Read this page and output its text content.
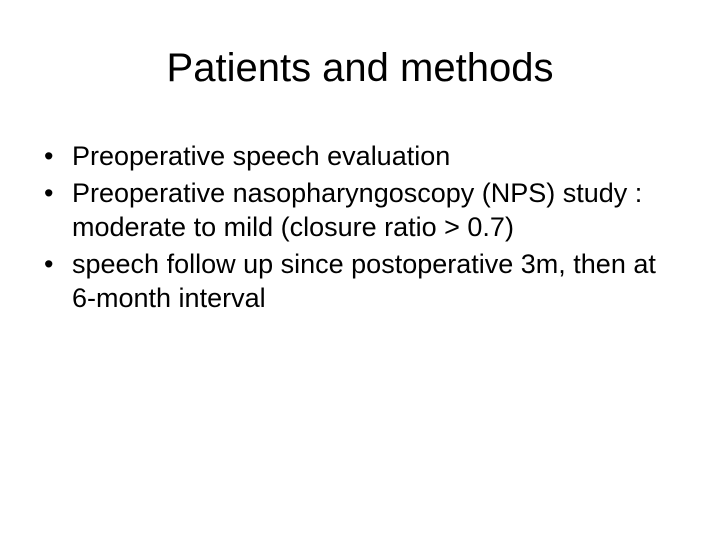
Patients and methods
• Preoperative speech evaluation
• Preoperative nasopharyngoscopy (NPS) study : moderate to mild (closure ratio > 0.7)
• speech follow up since postoperative 3m, then at 6-month interval
